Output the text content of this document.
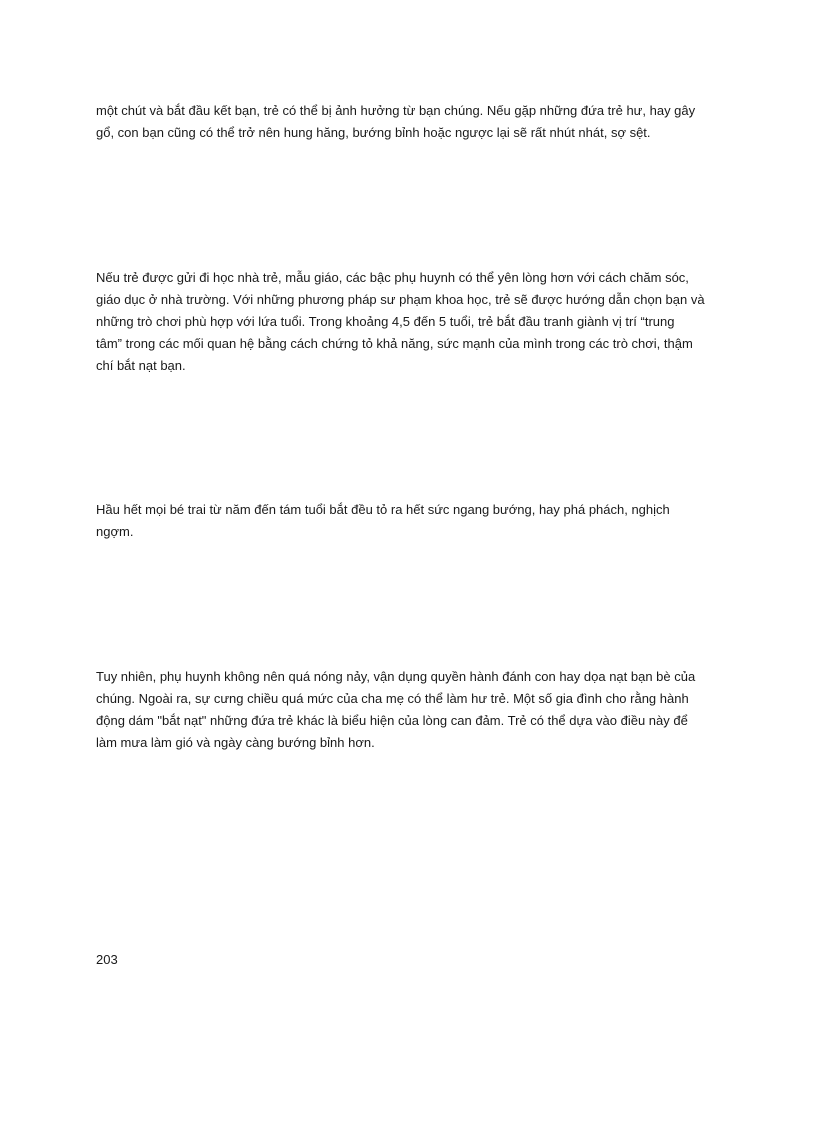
một chút và bắt đầu kết bạn, trẻ có thể bị ảnh hưởng từ bạn chúng. Nếu gặp những đứa trẻ hư, hay gây
gổ, con bạn cũng có thể trở nên hung hăng, bướng bỉnh hoặc ngược lại sẽ rất nhút nhát, sợ sệt.

Nếu trẻ được gửi đi học nhà trẻ, mẫu giáo, các bậc phụ huynh có thể yên lòng hơn với cách chăm sóc,
giáo dục ở nhà trường. Với những phương pháp sư phạm khoa học, trẻ sẽ được hướng dẫn chọn bạn và
những trò chơi phù hợp với lứa tuổi. Trong khoảng 4,5 đến 5 tuổi, trẻ bắt đầu tranh giành vị trí “trung
tâm” trong các mối quan hệ bằng cách chứng tỏ khả năng, sức mạnh của mình trong các trò chơi, thậm
chí bắt nạt bạn.

Hầu hết mọi bé trai từ năm đến tám tuổi bắt đều tỏ ra hết sức ngang bướng, hay phá phách, nghịch
ngợm.

Tuy nhiên, phụ huynh không nên quá nóng nảy, vận dụng quyền hành đánh con hay dọa nạt bạn bè của
chúng. Ngoài ra, sự cưng chiều quá mức của cha mẹ có thể làm hư trẻ. Một số gia đình cho rằng hành
động dám "bắt nạt" những đứa trẻ khác là biểu hiện của lòng can đảm. Trẻ có thể dựa vào điều này để
làm mưa làm gió và ngày càng bướng bỉnh hơn.

203
